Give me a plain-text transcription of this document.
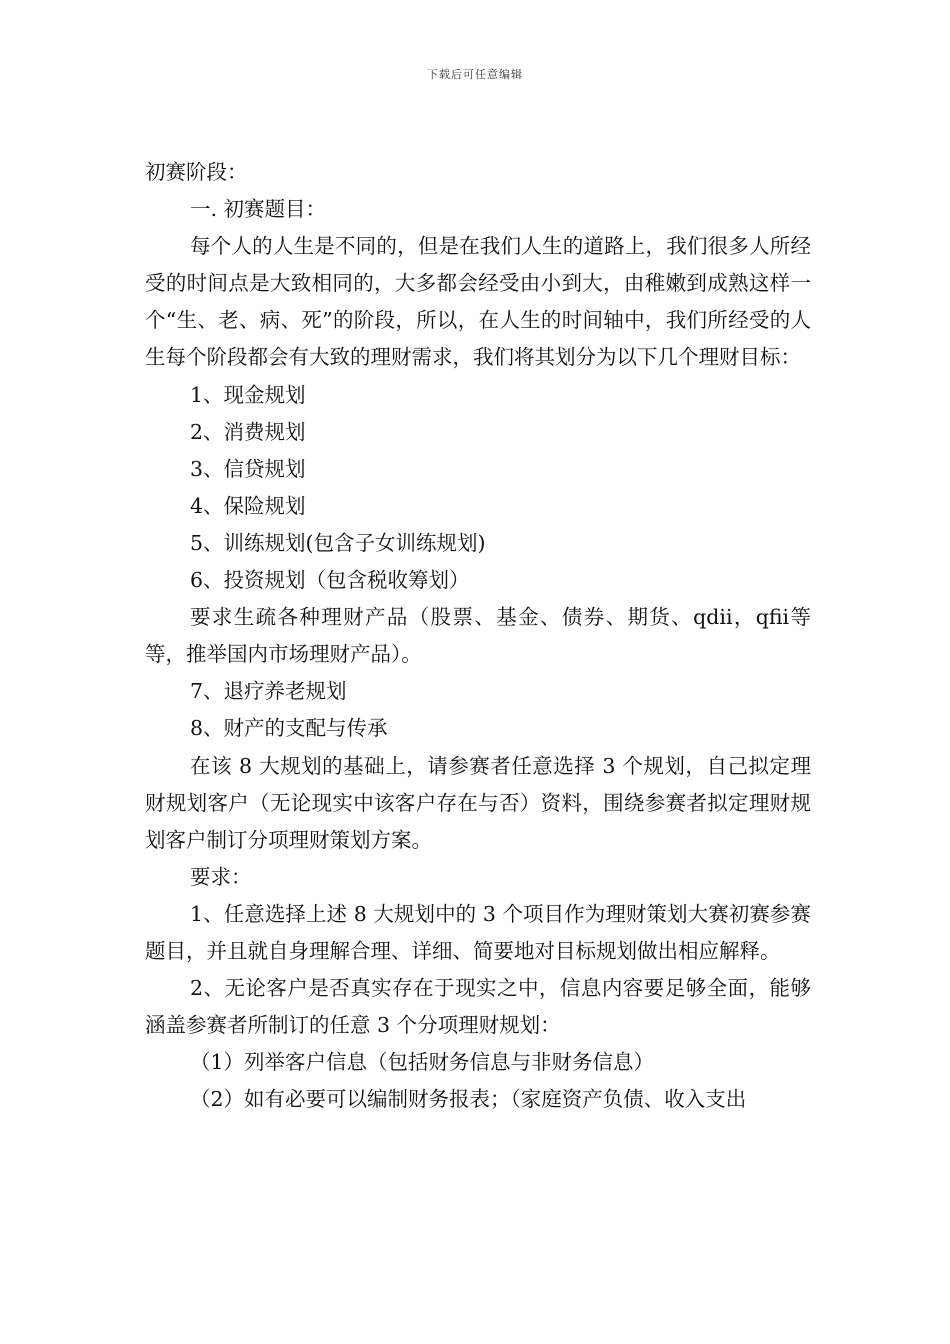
下载后可任意编辑

初赛阶段：

一. 初赛题目：

每个人的人生是不同的，但是在我们人生的道路上，我们很多人所经受的时间点是大致相同的，大多都会经受由小到大，由稚嫩到成熟这样一个“生、老、病、死”的阶段，所以，在人生的时间轴中，我们所经受的人生每个阶段都会有大致的理财需求，我们将其划分为以下几个理财目标：

1、现金规划

2、消费规划

3、信贷规划

4、保险规划

5、训练规划(包含子女训练规划)

6、投资规划（包含税收筹划）

要求生疏各种理财产品（股票、基金、债券、期货、qdii，qfii等等，推举国内市场理财产品）。

7、退疗养老规划

8、财产的支配与传承

在该 8 大规划的基础上，请参赛者任意选择 3 个规划，自己拟定理财规划客户（无论现实中该客户存在与否）资料，围绕参赛者拟定理财规划客户制订分项理财策划方案。

要求：

1、任意选择上述 8 大规划中的 3 个项目作为理财策划大赛初赛参赛题目，并且就自身理解合理、详细、简要地对目标规划做出相应解释。

2、无论客户是否真实存在于现实之中，信息内容要足够全面，能够涵盖参赛者所制订的任意 3 个分项理财规划：

（1）列举客户信息（包括财务信息与非财务信息）

（2）如有必要可以编制财务报表；（家庭资产负债、收入支出
